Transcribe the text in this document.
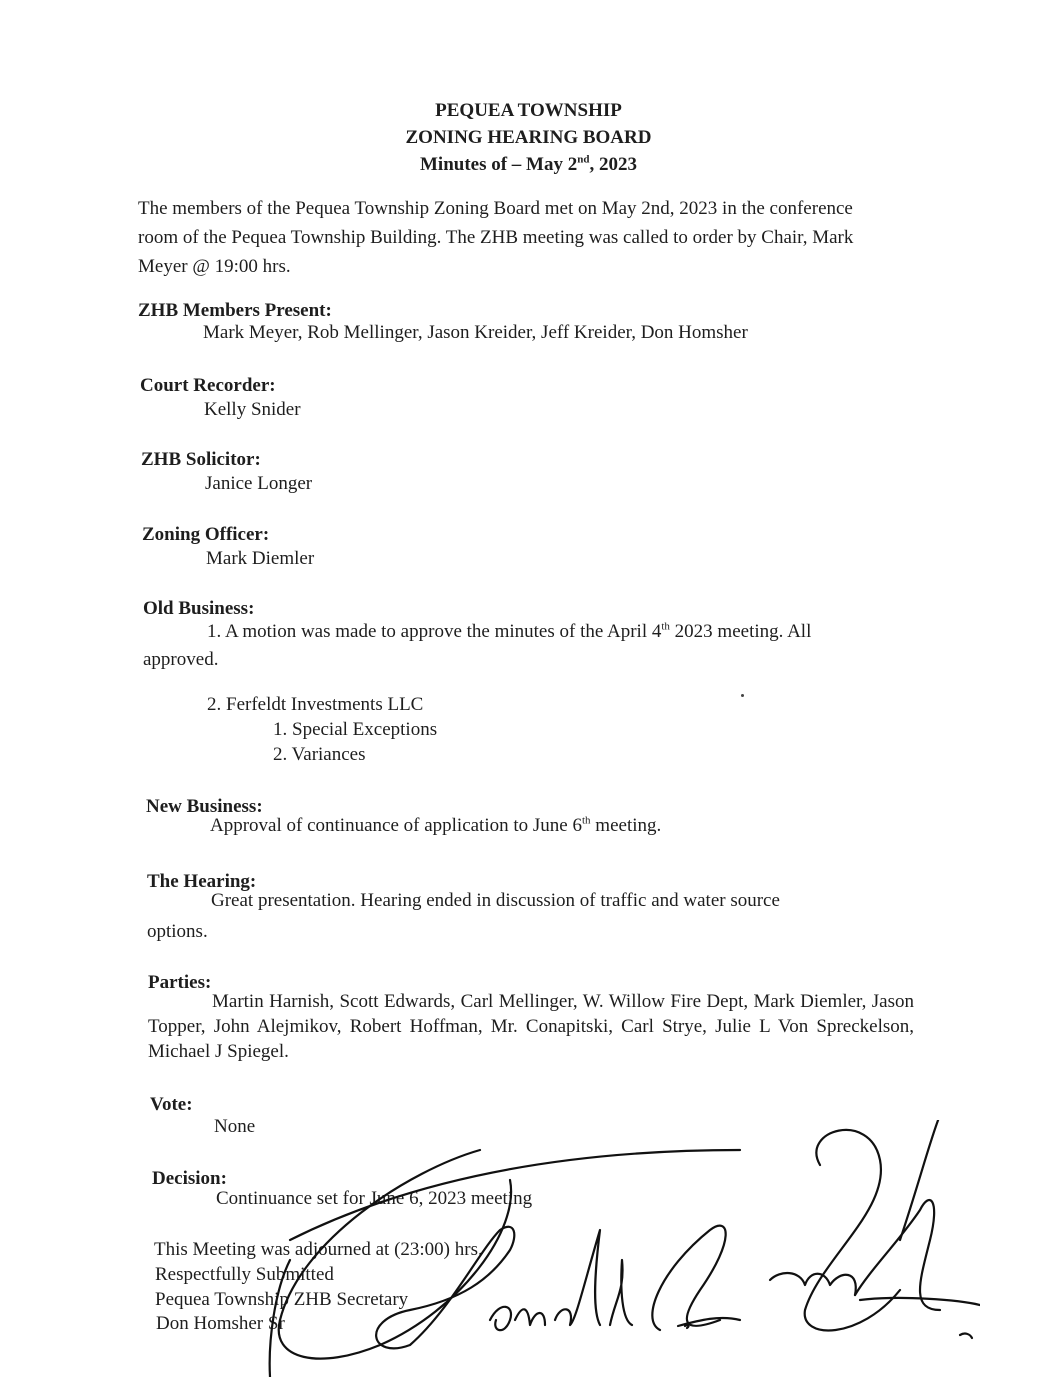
PEQUEA TOWNSHIP
ZONING HEARING BOARD
Minutes of – May 2nd, 2023
The members of the Pequea Township Zoning Board met on May 2nd, 2023 in the conference room of the Pequea Township Building. The ZHB meeting was called to order by Chair, Mark Meyer @ 19:00 hrs.
ZHB Members Present:
Mark Meyer, Rob Mellinger, Jason Kreider, Jeff Kreider, Don Homsher
Court Recorder:
Kelly Snider
ZHB Solicitor:
Janice Longer
Zoning Officer:
Mark Diemler
Old Business:
1. A motion was made to approve the minutes of the April 4th 2023 meeting. All
approved.
2. Ferfeldt Investments LLC
1. Special Exceptions
2. Variances
New Business:
Approval of continuance of application to June 6th meeting.
The Hearing:
Great presentation. Hearing ended in discussion of traffic and water source
options.
Parties:
Martin Harnish, Scott Edwards, Carl Mellinger, W. Willow Fire Dept, Mark Diemler, Jason Topper, John Alejmikov, Robert Hoffman, Mr. Conapitski, Carl Strye, Julie L Von Spreckelson, Michael J Spiegel.
Vote:
None
Decision:
Continuance set for June 6, 2023 meeting
This Meeting was adjourned at (23:00) hrs.
Respectfully Submitted
Pequea Township ZHB Secretary
Don Homsher Sr
